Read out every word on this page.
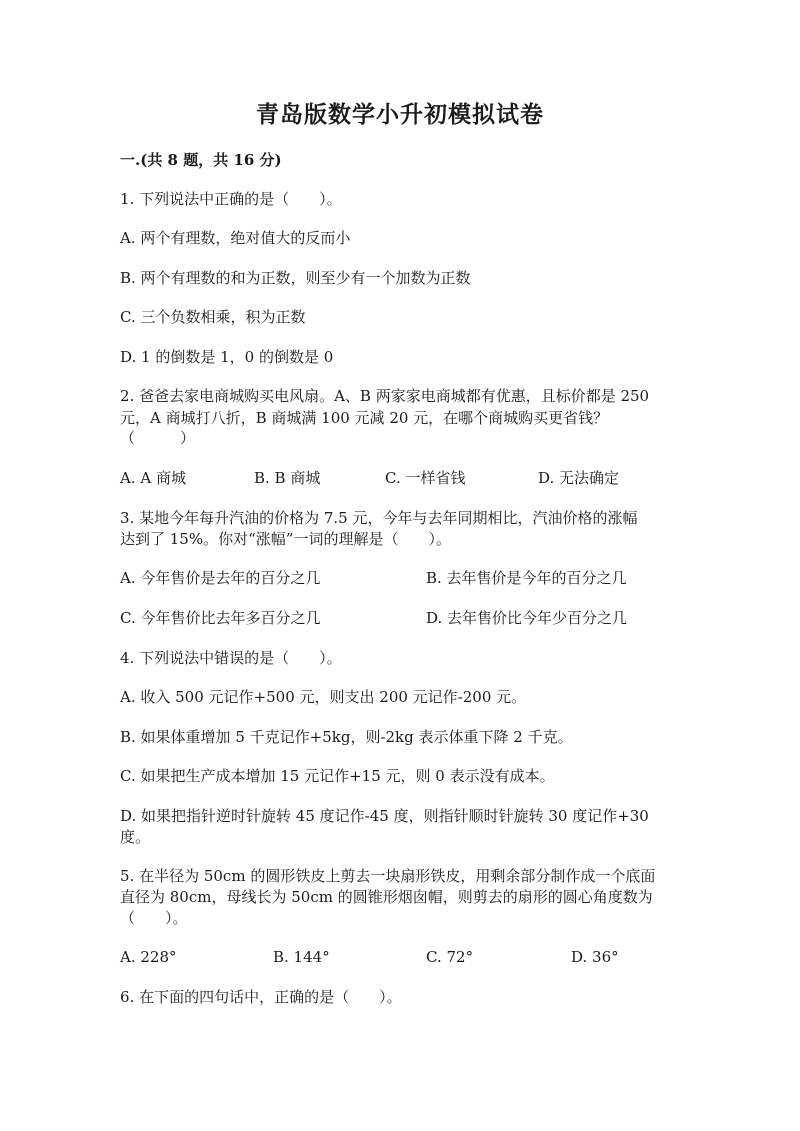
青岛版数学小升初模拟试卷
一.(共 8 题，共 16 分)
1. 下列说法中正确的是（　　）。
A. 两个有理数，绝对值大的反而小
B. 两个有理数的和为正数，则至少有一个加数为正数
C. 三个负数相乘，积为正数
D. 1 的倒数是 1，0 的倒数是 0
2. 爸爸去家电商城购买电风扇。A、B 两家家电商城都有优惠，且标价都是 250
元，A 商城打八折，B 商城满 100 元减 20 元，在哪个商城购买更省钱？
（　　　）
A. A 商城	B. B 商城	C. 一样省钱	D. 无法确定
3. 某地今年每升汽油的价格为 7.5 元，今年与去年同期相比，汽油价格的涨幅
达到了 15%。你对“涨幅”一词的理解是（　　）。
A. 今年售价是去年的百分之几	B. 去年售价是今年的百分之几
C. 今年售价比去年多百分之几	D. 去年售价比今年少百分之几
4. 下列说法中错误的是（　　）。
A. 收入 500 元记作+500 元，则支出 200 元记作-200 元。
B. 如果体重增加 5 千克记作+5kg，则-2kg 表示体重下降 2 千克。
C. 如果把生产成本增加 15 元记作+15 元，则 0 表示没有成本。
D. 如果把指针逆时针旋转 45 度记作-45 度，则指针顺时针旋转 30 度记作+30
度。
5. 在半径为 50cm 的圆形铁皮上剪去一块扇形铁皮，用剩余部分制作成一个底面
直径为 80cm，母线长为 50cm 的圆锥形烟囱帽，则剪去的扇形的圆心角度数为
（　　）。
A. 228°	B. 144°	C. 72°	D. 36°
6. 在下面的四句话中，正确的是（　　）。
